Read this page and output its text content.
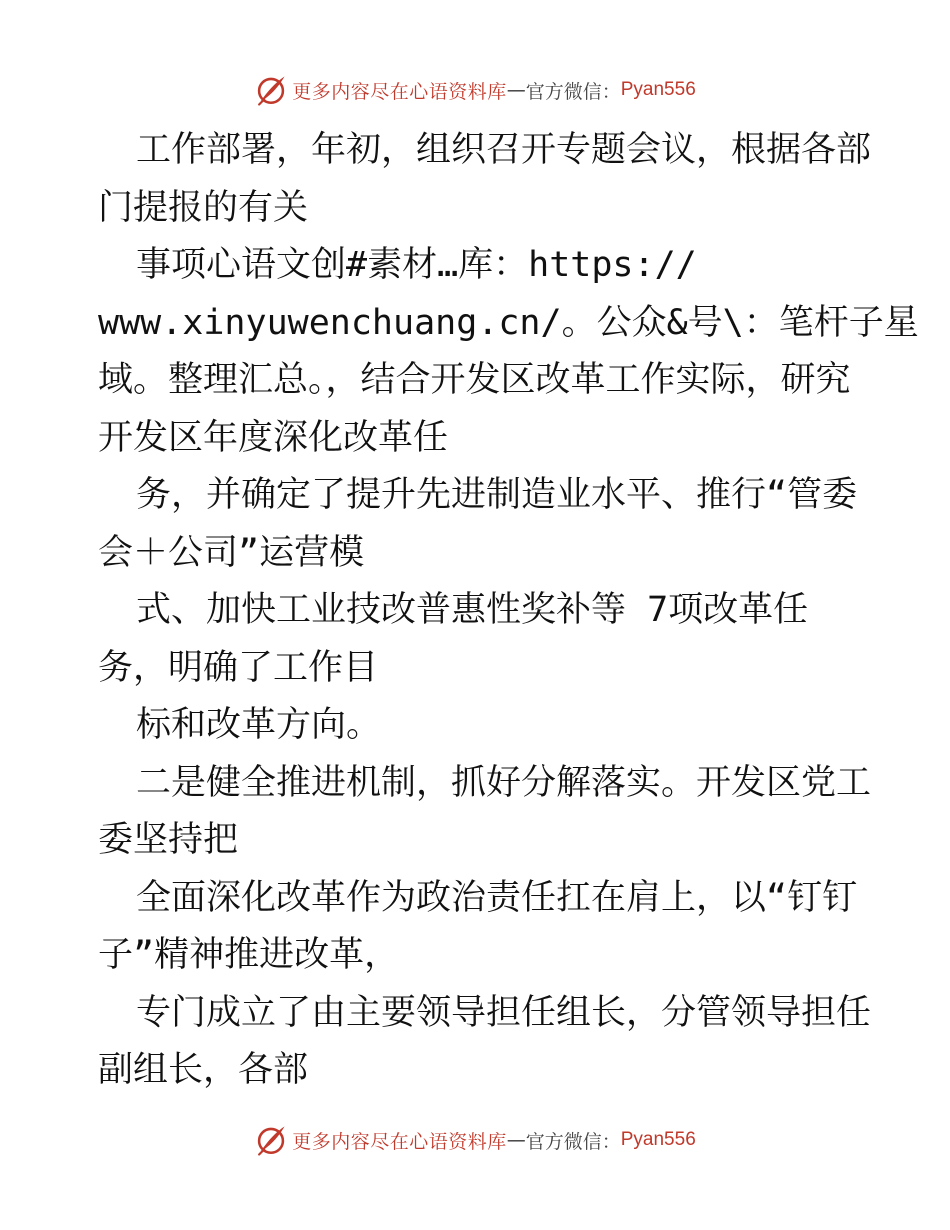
更多内容尽在心语资料库 — 官方微信： Pyan556
工作部署，年初，组织召开专题会议，根据各部
门提报的有关
事项心语文创#素材…库：https://
www.xinyuwenchuang.cn/。公众&号\：笔杆子星
域。整理汇总。，结合开发区改革工作实际，研究
开发区年度深化改革任
务，并确定了提升先进制造业水平、推行“管委
会＋公司”运营模
式、加快工业技改普惠性奖补等 7项改革任
务，明确了工作目
标和改革方向。
二是健全推进机制，抓好分解落实。开发区党工
委坚持把
全面深化改革作为政治责任扛在肩上，以“钉钉
子”精神推进改革，
专门成立了由主要领导担任组长，分管领导担任
副组长，各部
更多内容尽在心语资料库 — 官方微信： Pyan556
